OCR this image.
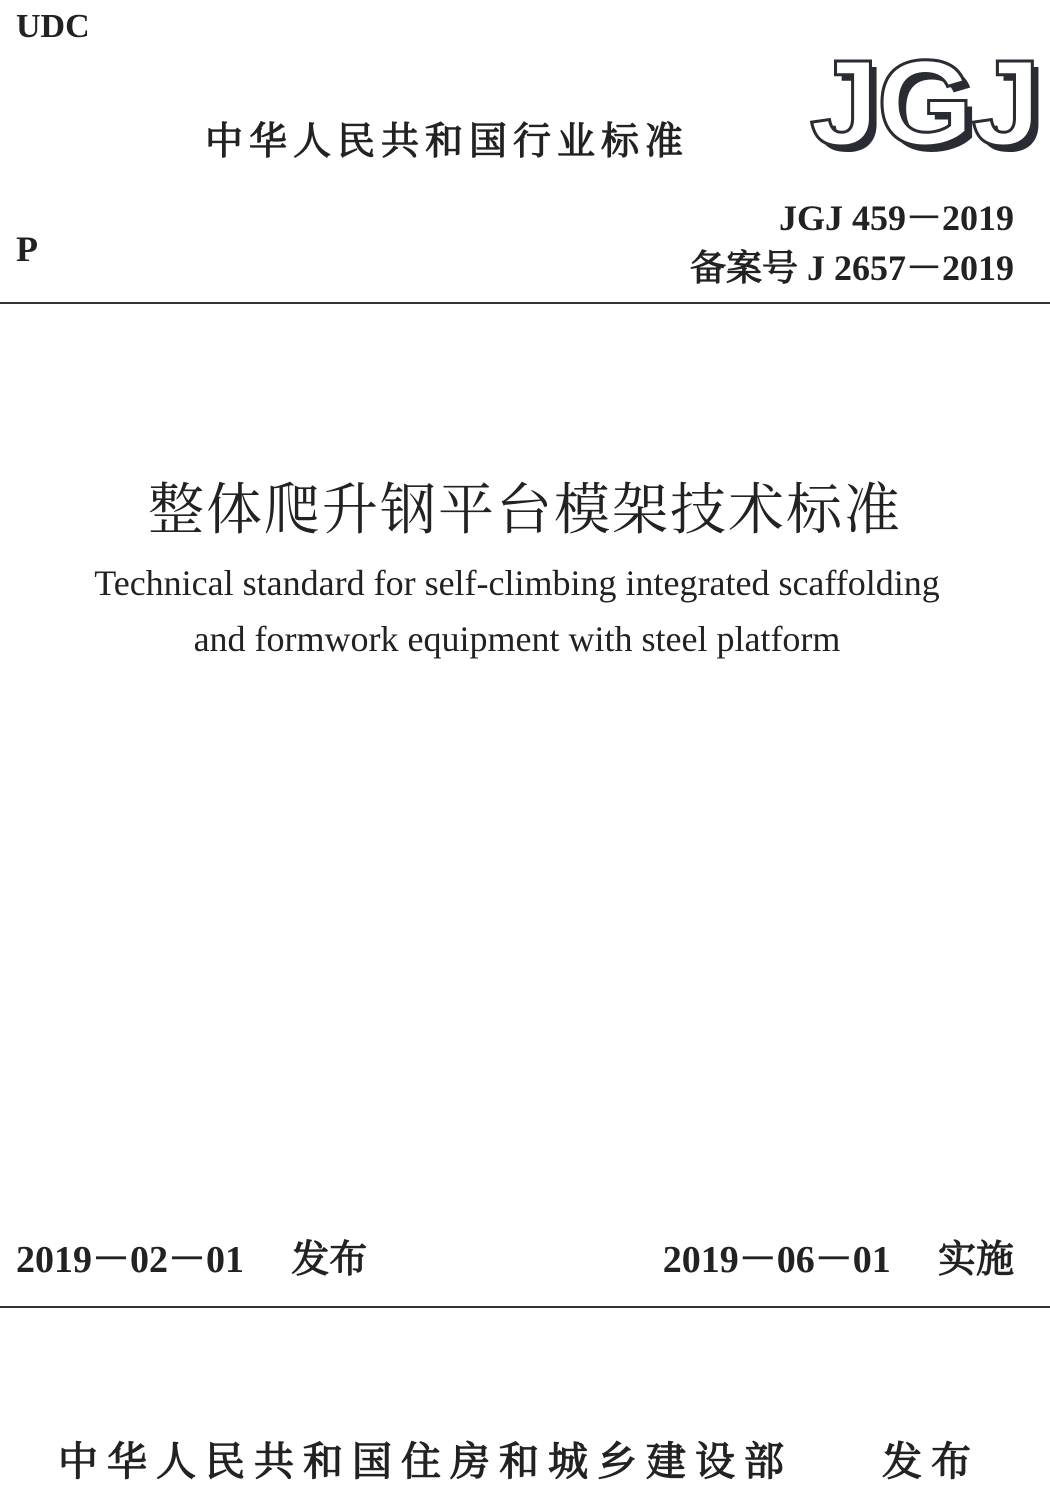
UDC
中华人民共和国行业标准 JGJ
P
JGJ 459－2019
备案号 J 2657－2019
整体爬升钢平台模架技术标准
Technical standard for self-climbing integrated scaffolding
and formwork equipment with steel platform
2019－02－01 发布	2019－06－01 实施
中华人民共和国住房和城乡建设部 发布
